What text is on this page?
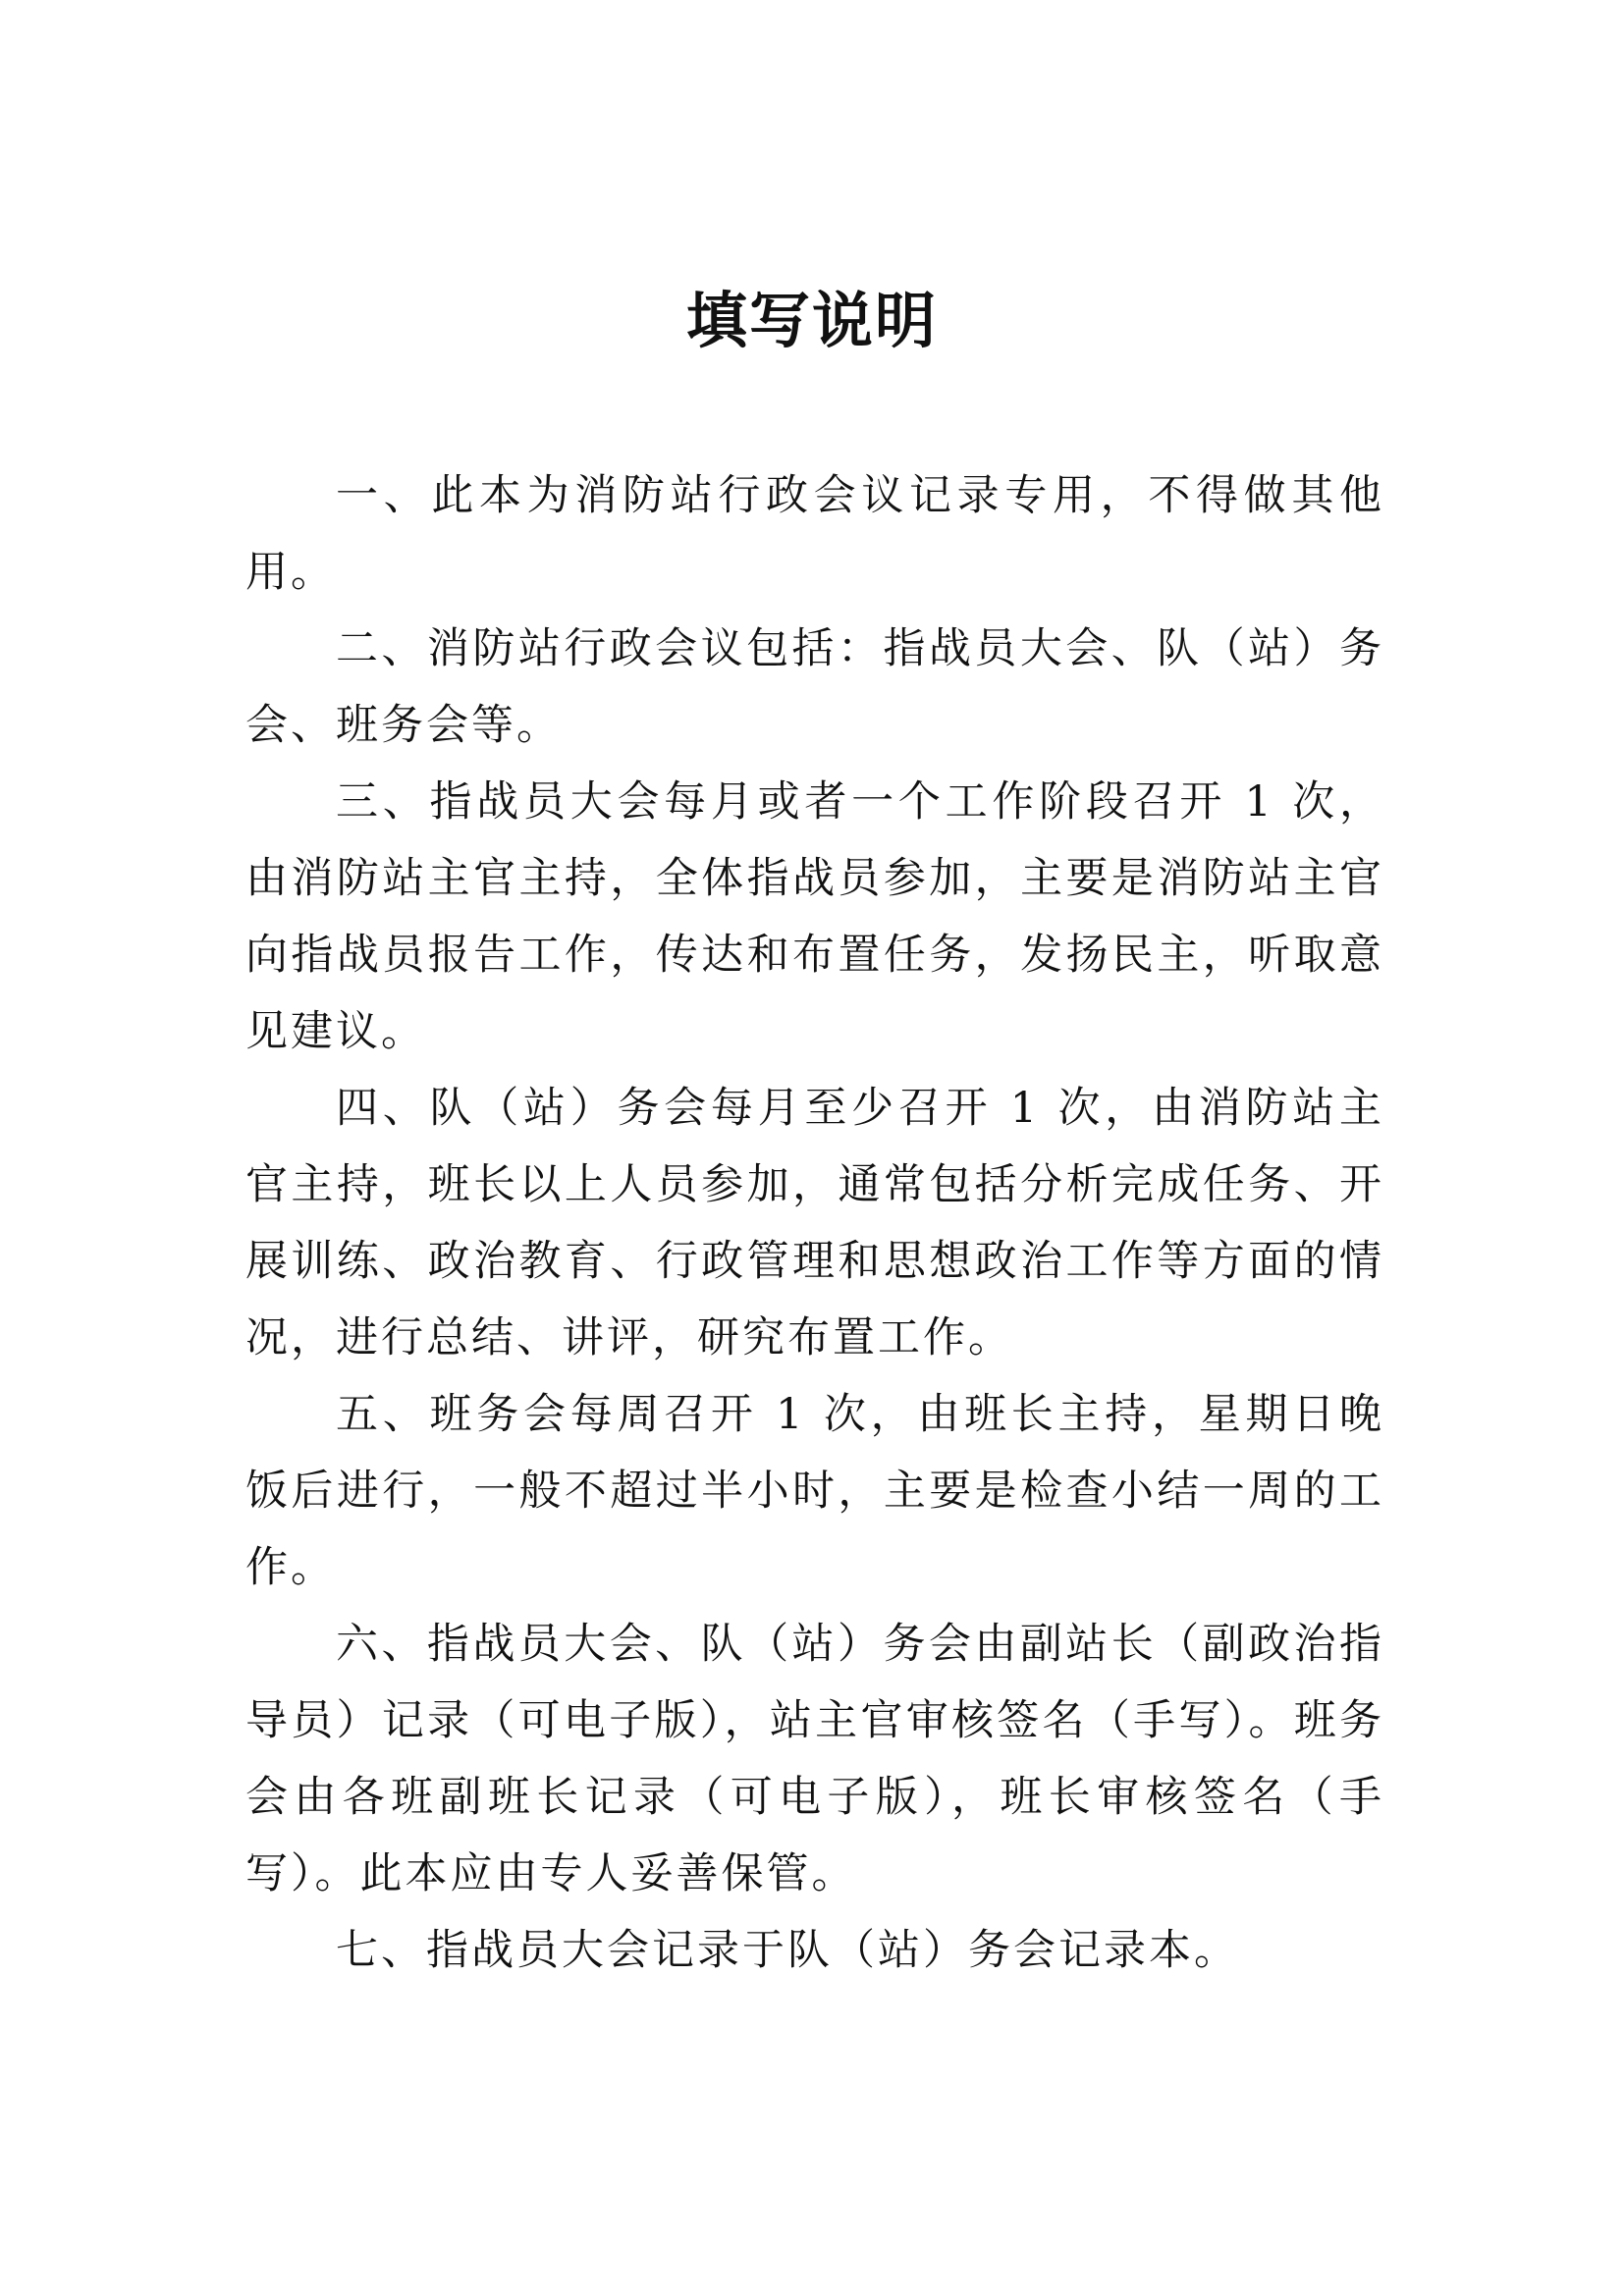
填写说明

一、此本为消防站行政会议记录专用，不得做其他用。

二、消防站行政会议包括：指战员大会、队（站）务会、班务会等。

三、指战员大会每月或者一个工作阶段召开 1 次，由消防站主官主持，全体指战员参加，主要是消防站主官向指战员报告工作，传达和布置任务，发扬民主，听取意见建议。

四、队（站）务会每月至少召开 1 次，由消防站主官主持，班长以上人员参加，通常包括分析完成任务、开展训练、政治教育、行政管理和思想政治工作等方面的情况，进行总结、讲评，研究布置工作。

五、班务会每周召开 1 次，由班长主持，星期日晚饭后进行，一般不超过半小时，主要是检查小结一周的工作。

六、指战员大会、队（站）务会由副站长（副政治指导员）记录（可电子版），站主官审核签名（手写）。班务会由各班副班长记录（可电子版），班长审核签名（手写）。此本应由专人妥善保管。

七、指战员大会记录于队（站）务会记录本。
